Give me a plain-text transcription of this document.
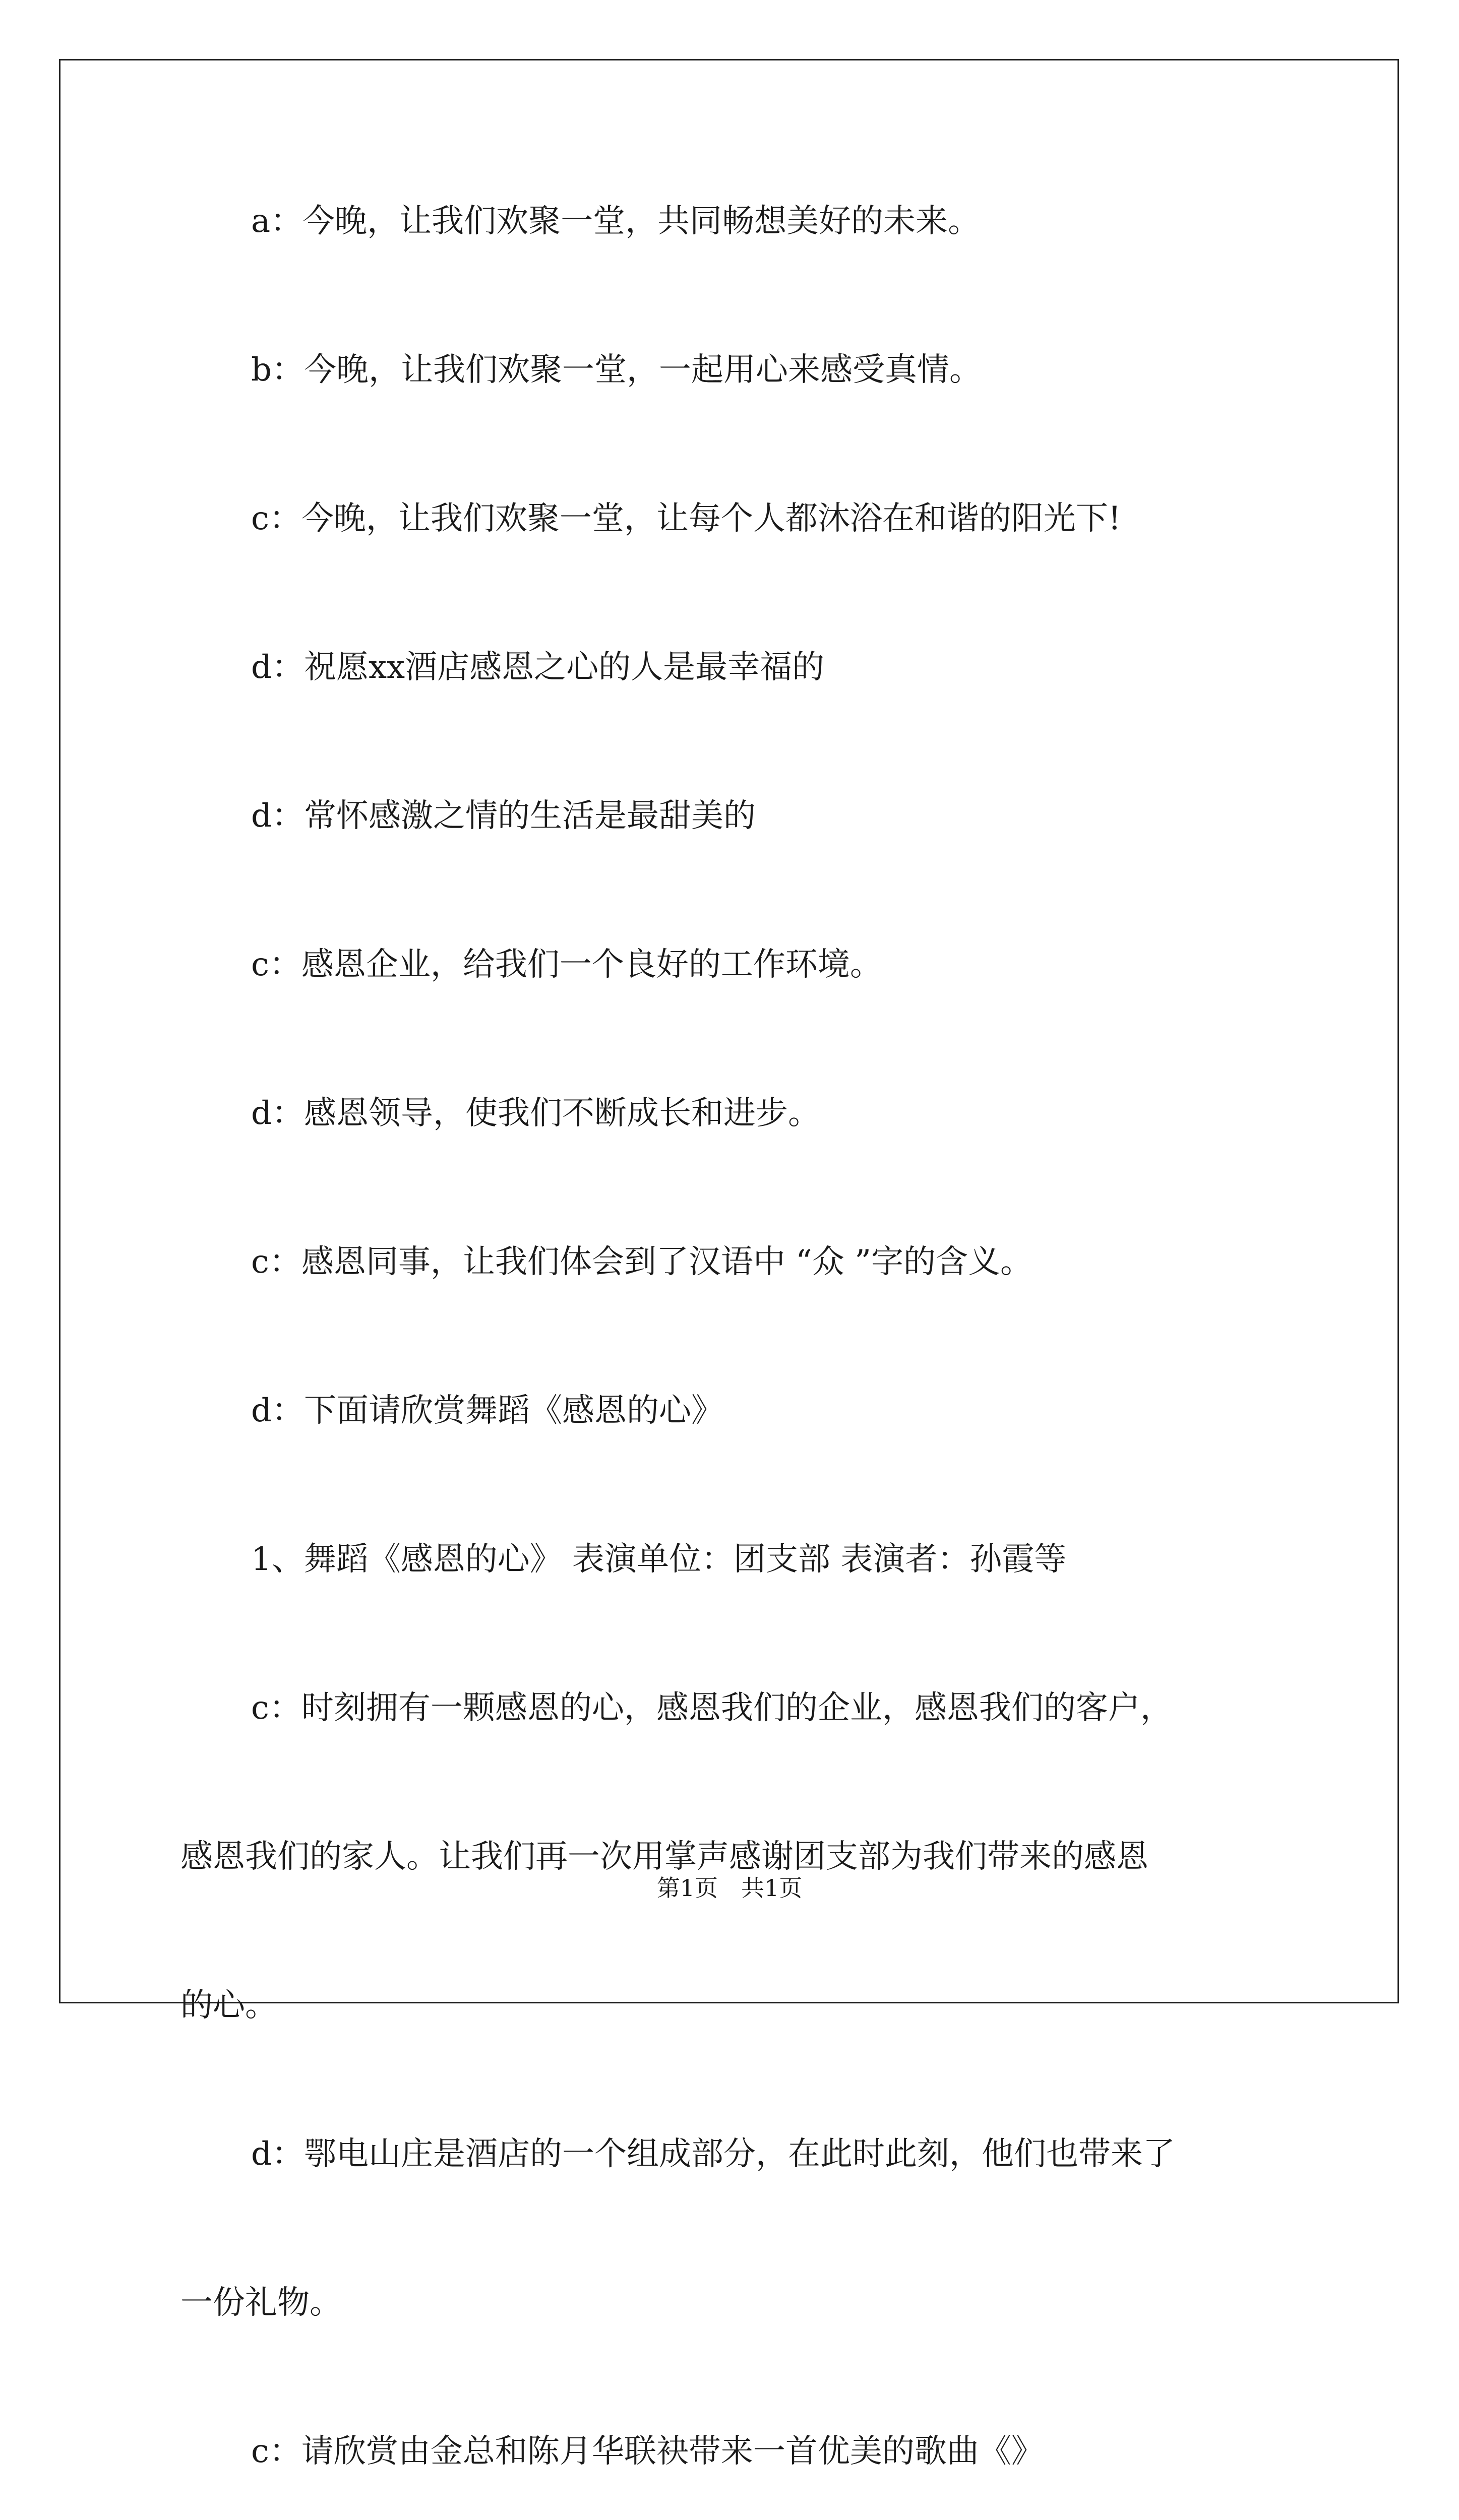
a：今晚，让我们欢聚一堂，共同畅想美好的未来。

b：今晚，让我们欢聚一堂，一起用心来感受真情。

c：今晚，让我们欢聚一堂，让每个人都沐浴在和谐的阳光下!

d：祝愿xx酒店感恩之心的人是最幸福的

d：常怀感激之情的生活是最甜美的

c：感恩企业，给我们一个良好的工作环境。

d：感恩领导，使我们不断成长和进步。

c：感恩同事，让我们体会到了汉语中 “众 ”字的含义。

d：下面请欣赏舞蹈《感恩的心》

1、舞蹈《感恩的心》 表演单位：团支部 表演者：孙霞等

c：时刻拥有一颗感恩的心，感恩我们的企业，感恩我们的客户，
感恩我们的家人。让我们再一次用掌声感谢团支部为我们带来的感恩
的心。
d：鄂电山庄是酒店的一个组成部分，在此时此刻，他们也带来了
一份礼物。

c：请欣赏由金总和陈月华联袂带来一首优美的歌曲《》

第1页　共1页
